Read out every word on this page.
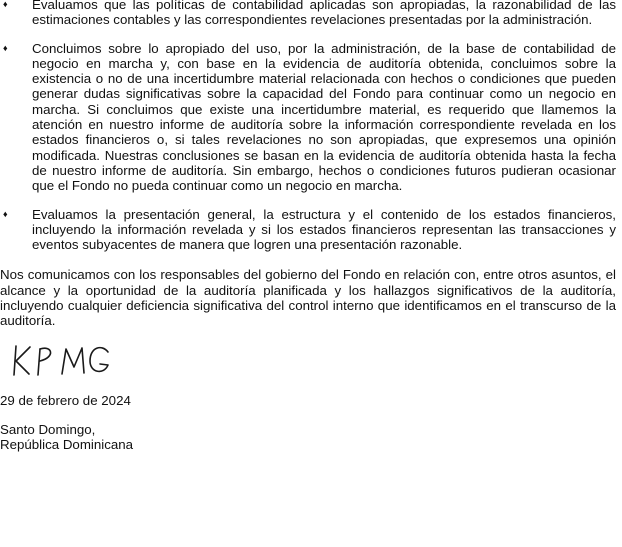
♦ Evaluamos que las políticas de contabilidad aplicadas son apropiadas, la razonabilidad de las estimaciones contables y las correspondientes revelaciones presentadas por la administración.
♦ Concluimos sobre lo apropiado del uso, por la administración, de la base de contabilidad de negocio en marcha y, con base en la evidencia de auditoría obtenida, concluimos sobre la existencia o no de una incertidumbre material relacionada con hechos o condiciones que pueden generar dudas significativas sobre la capacidad del Fondo para continuar como un negocio en marcha. Si concluimos que existe una incertidumbre material, es requerido que llamemos la atención en nuestro informe de auditoría sobre la información correspondiente revelada en los estados financieros o, si tales revelaciones no son apropiadas, que expresemos una opinión modificada. Nuestras conclusiones se basan en la evidencia de auditoría obtenida hasta la fecha de nuestro informe de auditoría. Sin embargo, hechos o condiciones futuros pudieran ocasionar que el Fondo no pueda continuar como un negocio en marcha.
♦ Evaluamos la presentación general, la estructura y el contenido de los estados financieros, incluyendo la información revelada y si los estados financieros representan las transacciones y eventos subyacentes de manera que logren una presentación razonable.
Nos comunicamos con los responsables del gobierno del Fondo en relación con, entre otros asuntos, el alcance y la oportunidad de la auditoría planificada y los hallazgos significativos de la auditoría, incluyendo cualquier deficiencia significativa del control interno que identificamos en el transcurso de la auditoría.
29 de febrero de 2024
Santo Domingo,
República Dominicana
